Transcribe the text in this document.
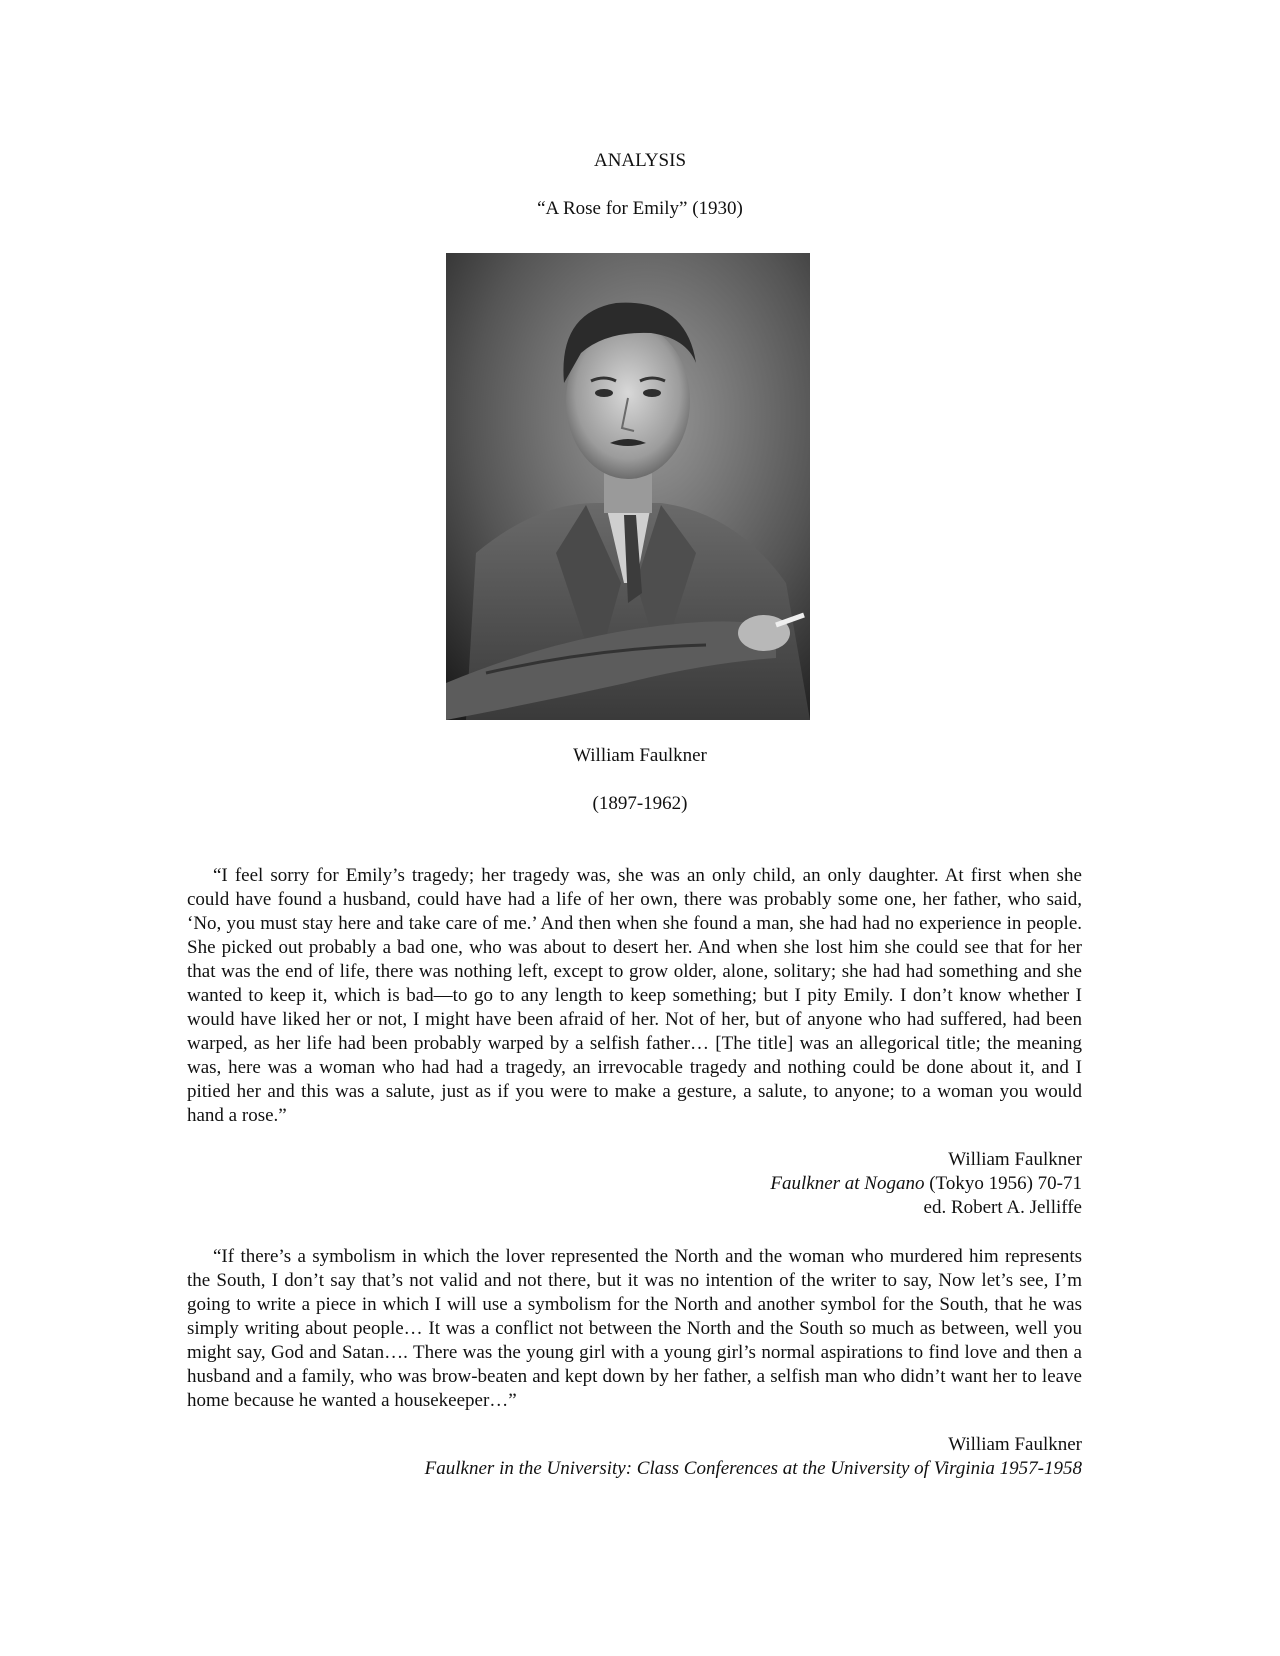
ANALYSIS
“A Rose for Emily” (1930)
William Faulkner
(1897-1962)

“I feel sorry for Emily’s tragedy; her tragedy was, she was an only child, an only daughter. At first when she could have found a husband, could have had a life of her own, there was probably some one, her father, who said, ‘No, you must stay here and take care of me.’ And then when she found a man, she had had no experience in people. She picked out probably a bad one, who was about to desert her. And when she lost him she could see that for her that was the end of life, there was nothing left, except to grow older, alone, solitary; she had had something and she wanted to keep it, which is bad—to go to any length to keep something; but I pity Emily. I don’t know whether I would have liked her or not, I might have been afraid of her. Not of her, but of anyone who had suffered, had been warped, as her life had been probably warped by a selfish father… [The title] was an allegorical title; the meaning was, here was a woman who had had a tragedy, an irrevocable tragedy and nothing could be done about it, and I pitied her and this was a salute, just as if you were to make a gesture, a salute, to anyone; to a woman you would hand a rose.”

William Faulkner
Faulkner at Nogano (Tokyo 1956) 70-71
ed. Robert A. Jelliffe

“If there’s a symbolism in which the lover represented the North and the woman who murdered him represents the South, I don’t say that’s not valid and not there, but it was no intention of the writer to say, Now let’s see, I’m going to write a piece in which I will use a symbolism for the North and another symbol for the South, that he was simply writing about people… It was a conflict not between the North and the South so much as between, well you might say, God and Satan…. There was the young girl with a young girl’s normal aspirations to find love and then a husband and a family, who was brow-beaten and kept down by her father, a selfish man who didn’t want her to leave home because he wanted a housekeeper…”

William Faulkner
Faulkner in the University: Class Conferences at the University of Virginia 1957-1958
